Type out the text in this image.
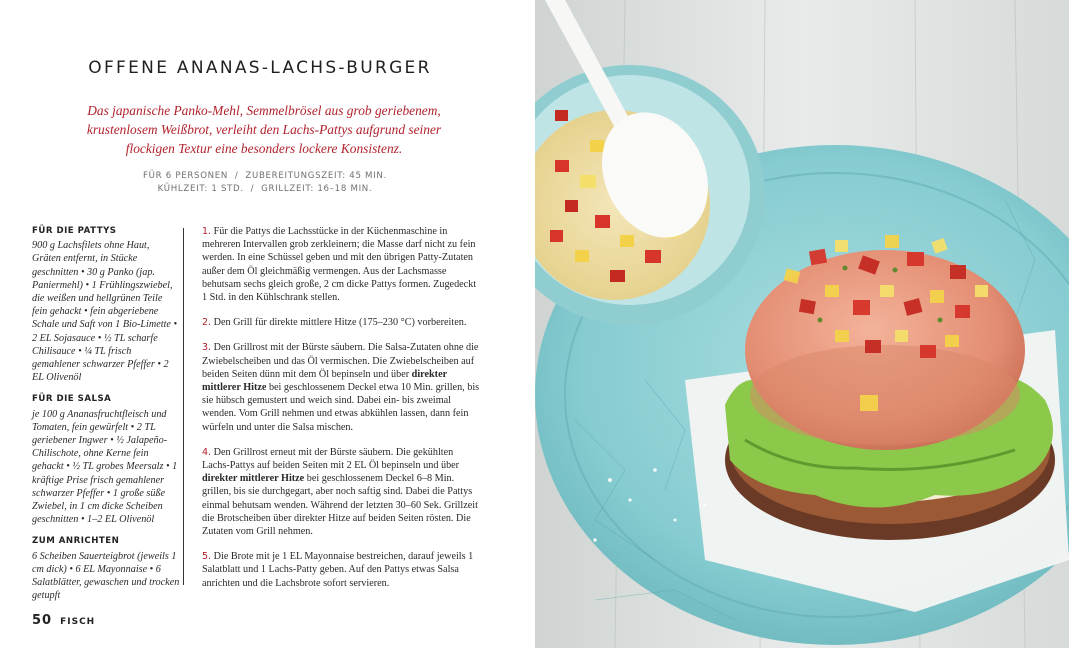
OFFENE ANANAS-LACHS-BURGER
Das japanische Panko-Mehl, Semmelbrösel aus grob geriebenem, krustenlosem Weißbrot, verleiht den Lachs-Pattys aufgrund seiner flockigen Textur eine besonders lockere Konsistenz.
FÜR 6 PERSONEN  /  ZUBEREITUNGSZEIT: 45 MIN.
KÜHLZEIT: 1 STD.  /  GRILLZEIT: 16–18 MIN.
FÜR DIE PATTYS

900 g Lachsfilets ohne Haut, Gräten entfernt, in Stücke geschnitten • 30 g Panko (jap. Paniermehl) • 1 Frühlingszwiebel, die weißen und hellgrünen Teile fein gehackt • fein abgeriebene Schale und Saft von 1 Bio-Limette • 2 EL Sojasauce • ½ TL scharfe Chilisauce • ¼ TL frisch gemahlener schwarzer Pfeffer • 2 EL Olivenöl

FÜR DIE SALSA

je 100 g Ananasfruchtfleisch und Tomaten, fein gewürfelt • 2 TL geriebener Ingwer • ½ Jalapeño-Chilischote, ohne Kerne fein gehackt • ½ TL grobes Meersalz • 1 kräftige Prise frisch gemahlener schwarzer Pfeffer • 1 große süße Zwiebel, in 1 cm dicke Scheiben geschnitten • 1–2 EL Olivenöl

ZUM ANRICHTEN

6 Scheiben Sauerteigbrot (jeweils 1 cm dick) • 6 EL Mayonnaise • 6 Salatblätter, gewaschen und trocken getupft

1. Für die Pattys die Lachsstücke in der Küchenmaschine in mehreren Intervallen grob zerkleinern; die Masse darf nicht zu fein werden. In eine Schüssel geben und mit den übrigen Patty-Zutaten außer dem Öl gleichmäßig vermengen. Aus der Lachsmasse behutsam sechs gleich große, 2 cm dicke Pattys formen. Zugedeckt 1 Std. in den Kühlschrank stellen.

2. Den Grill für direkte mittlere Hitze (175–230 °C) vorbereiten.

3. Den Grillrost mit der Bürste säubern. Die Salsa-Zutaten ohne die Zwiebelscheiben und das Öl vermischen. Die Zwiebelscheiben auf beiden Seiten dünn mit dem Öl bepinseln und über direkter mittlerer Hitze bei geschlossenem Deckel etwa 10 Min. grillen, bis sie hübsch gemustert und weich sind. Dabei ein- bis zweimal wenden. Vom Grill nehmen und etwas abkühlen lassen, dann fein würfeln und unter die Salsa mischen.

4. Den Grillrost erneut mit der Bürste säubern. Die gekühlten Lachs-Pattys auf beiden Seiten mit 2 EL Öl bepinseln und über direkter mittlerer Hitze bei geschlossenem Deckel 6–8 Min. grillen, bis sie durchgegart, aber noch saftig sind. Dabei die Pattys einmal behutsam wenden. Während der letzten 30–60 Sek. Grillzeit die Brotscheiben über direkter Hitze auf beiden Seiten rösten. Die Zutaten vom Grill nehmen.

5. Die Brote mit je 1 EL Mayonnaise bestreichen, darauf jeweils 1 Salatblatt und 1 Lachs-Patty geben. Auf den Pattys etwas Salsa anrichten und die Lachsbrote sofort servieren.

50 FISCH
